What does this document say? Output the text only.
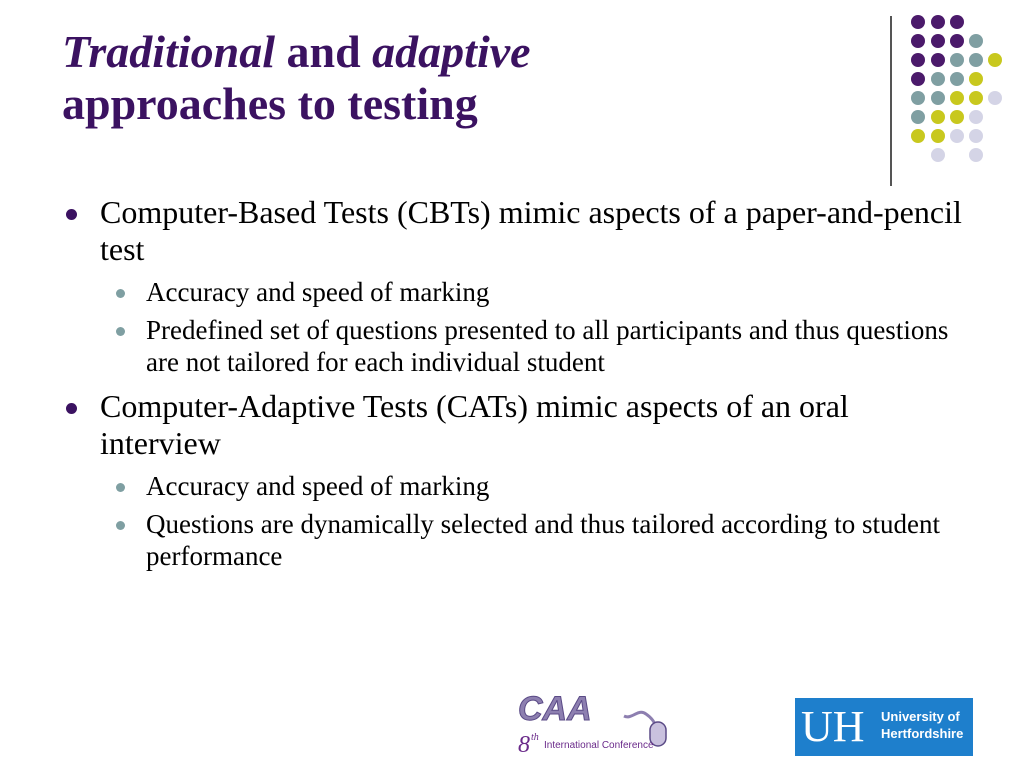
Traditional and adaptive
approaches to testing
Computer-Based Tests (CBTs) mimic aspects of a paper-and-pencil test
Accuracy and speed of marking
Predefined set of questions presented to all participants and thus questions are not tailored for each individual student
Computer-Adaptive Tests (CATs) mimic aspects of an oral interview
Accuracy and speed of marking
Questions are dynamically selected and thus tailored according to student performance
CAA
8 th
International Conference	UH University of
Hertfordshire
